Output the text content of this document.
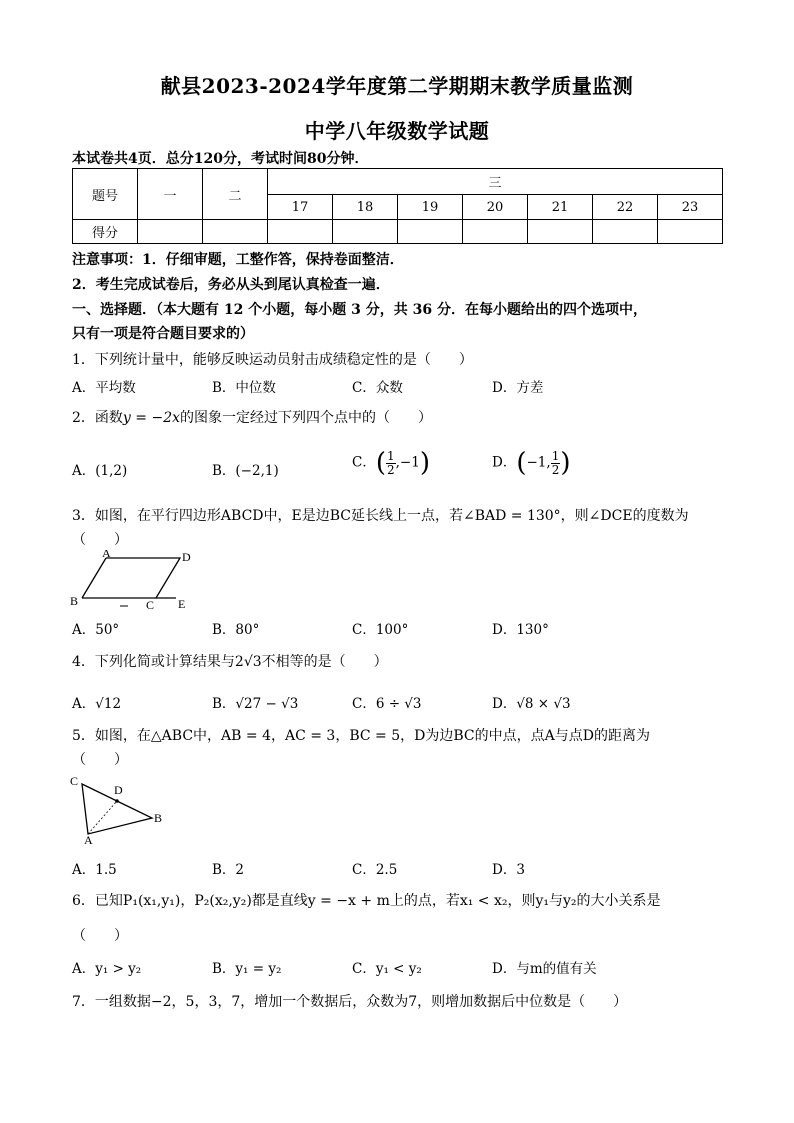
献县2023-2024学年度第二学期期末教学质量监测
中学八年级数学试题
本试卷共4页．总分120分，考试时间80分钟．
题号	一	二	三						
			17	18	19	20	21	22	23
得分									
注意事项：1．仔细审题，工整作答，保持卷面整洁．
2．考生完成试卷后，务必从头到尾认真检查一遍．
一、选择题．（本大题有 12 个小题，每小题 3 分，共 36 分．在每小题给出的四个选项中，
只有一项是符合题目要求的）
1．下列统计量中，能够反映运动员射击成绩稳定性的是（　　）
A．平均数	B．中位数	C．众数	D．方差
2．函数y = −2x的图象一定经过下列四个点中的（　　）
A．(1,2)	B．(−2,1)
C．( $\frac{1}{2} ,-1$)	D．(−1, $\frac{1}{2}$ )
3．如图，在平行四边形ABCD中，E是边BC延长线上一点，若∠BAD = 130°，则∠DCE的度数为
（　　）
A	D
B	C E
A．50°	B．80°	C．100°	D．130°
4．下列化简或计算结果与2√3不相等的是（　　）
A．√12	B．√27 − √3	C．6 ÷ √3	D．√8 × √3
5．如图，在△ABC中，AB = 4，AC = 3，BC = 5，D为边BC的中点，点A与点D的距离为
（　　）
C
D
B
A
A．1.5	B．2	C．2.5	D．3
6．已知P₁(x₁,y₁)，P₂(x₂,y₂)都是直线y = −x + m上的点，若x₁ < x₂，则y₁与y₂的大小关系是
（　　）
A．y₁ > y₂	B．y₁ = y₂	C．y₁ < y₂	D．与m的值有关
7．一组数据−2，5，3，7，增加一个数据后，众数为7，则增加数据后中位数是（　　）
